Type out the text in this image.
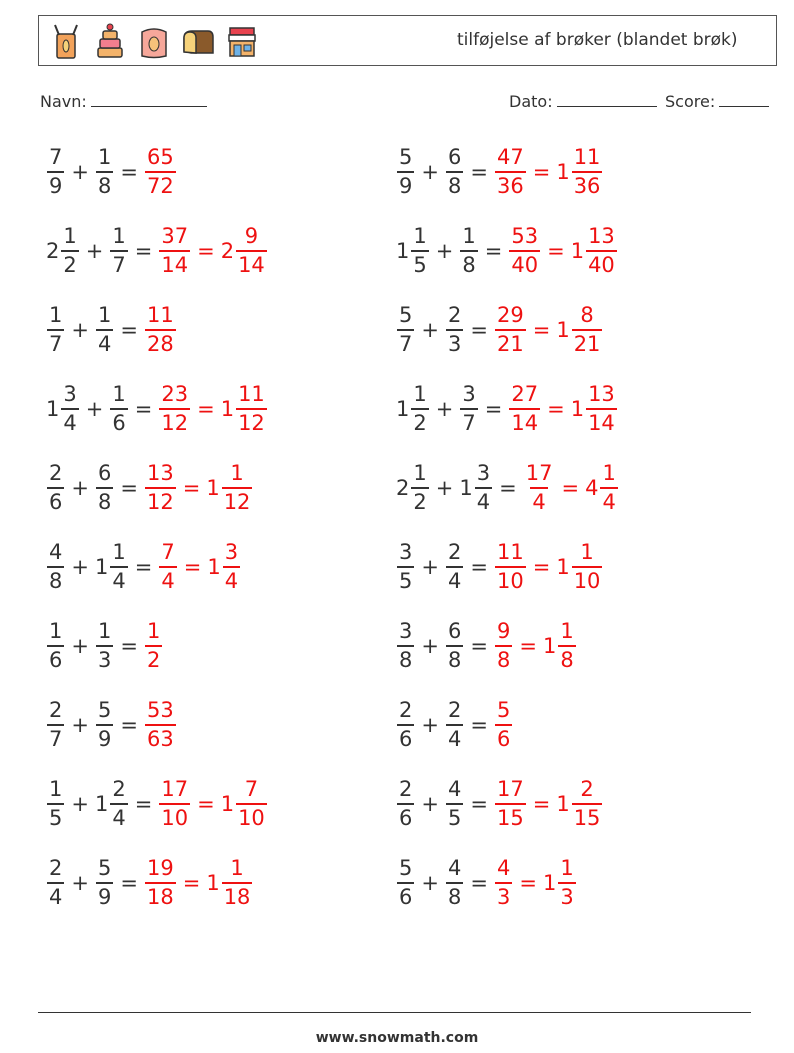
tilføjelse af brøker (blandet brøk)
Navn:	Dato:	Score:
$\frac{7}{9} + \frac{1}{8} = \frac{65}{72}$	$\frac{5}{9} + \frac{6}{8} = \frac{47}{36} = 1 \frac{11}{36}$
$2 \frac{1}{2} + \frac{1}{7} = \frac{37}{14} = 2 \frac{9}{14}$	$1 \frac{1}{5} + \frac{1}{8} = \frac{53}{40} = 1 \frac{13}{40}$
$\frac{1}{7} + \frac{1}{4} = \frac{11}{28}$	$\frac{5}{7} + \frac{2}{3} = \frac{29}{21} = 1 \frac{8}{21}$
$1 \frac{3}{4} + \frac{1}{6} = \frac{23}{12} = 1 \frac{11}{12}$	$1 \frac{1}{2} + \frac{3}{7} = \frac{27}{14} = 1 \frac{13}{14}$
$\frac{2}{6} + \frac{6}{8} = \frac{13}{12} = 1 \frac{1}{12}$	$2 \frac{1}{2} + 1 \frac{3}{4} = \frac{17}{4} = 4 \frac{1}{4}$
$\frac{4}{8} + 1 \frac{1}{4} = \frac{7}{4} = 1 \frac{3}{4}$	$\frac{3}{5} + \frac{2}{4} = \frac{11}{10} = 1 \frac{1}{10}$
$\frac{1}{6} + \frac{1}{3} = \frac{1}{2}$	$\frac{3}{8} + \frac{6}{8} = \frac{9}{8} = 1 \frac{1}{8}$
$\frac{2}{7} + \frac{5}{9} = \frac{53}{63}$	$\frac{2}{6} + \frac{2}{4} = \frac{5}{6}$
$\frac{1}{5} + 1 \frac{2}{4} = \frac{17}{10} = 1 \frac{7}{10}$	$\frac{2}{6} + \frac{4}{5} = \frac{17}{15} = 1 \frac{2}{15}$
$\frac{2}{4} + \frac{5}{9} = \frac{19}{18} = 1 \frac{1}{18}$	$\frac{5}{6} + \frac{4}{8} = \frac{4}{3} = 1 \frac{1}{3}$
www.snowmath.com
